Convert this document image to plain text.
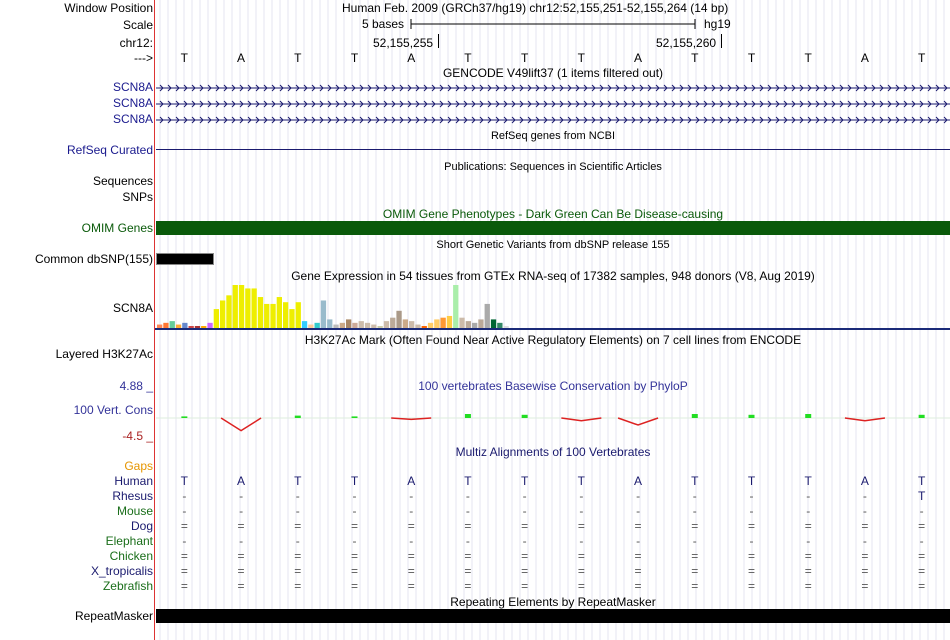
Window Position	Human Feb. 2009 (GRCh37/hg19) chr12:52,155,251-52,155,264 (14 bp)
Scale	5 bases	hg19
chr12:	52,155,255	52,155,260
---> T	A	T	T	A	T	T	T	A	T	T	T	A	T
GENCODE V49lift37 (1 items filtered out)
SCN8A
SCN8A
SCN8A
RefSeq genes from NCBI
RefSeq Curated
Publications: Sequences in Scientific Articles
Sequences
SNPs
OMIM Gene Phenotypes - Dark Green Can Be Disease-causing
OMIM Genes
Short Genetic Variants from dbSNP release 155
Common dbSNP(155)
Gene Expression in 54 tissues from GTEx RNA-seq of 17382 samples, 948 donors (V8, Aug 2019)
SCN8A
H3K27Ac Mark (Often Found Near Active Regulatory Elements) on 7 cell lines from ENCODE
Layered H3K27Ac
100 vertebrates Basewise Conservation by PhyloP
4.88 _
100 Vert. Cons
-4.5 _
Multiz Alignments of 100 Vertebrates
Gaps
Human T	A	T	T	A	T	T	T	A	T	T	T	A	T
Rhesus -	-	-	-	-	-	-	-	-	-	-	-	-	T
Mouse -	-	-	-	-	-	-	-	-	-	-	-	-	-
Dog =	=	=	=	=	=	=	=	=	=	=	=	=	=
Elephant -	-	-	-	-	-	-	-	-	-	-	-	-	-
Chicken =	=	=	=	=	=	=	=	=	=	=	=	=	=
X_tropicalis =	=	=	=	=	=	=	=	=	=	=	=	=	=
Zebrafish =	=	=	=	=	=	=	=	=	=	=	=	=	=
Repeating Elements by RepeatMasker
RepeatMasker
